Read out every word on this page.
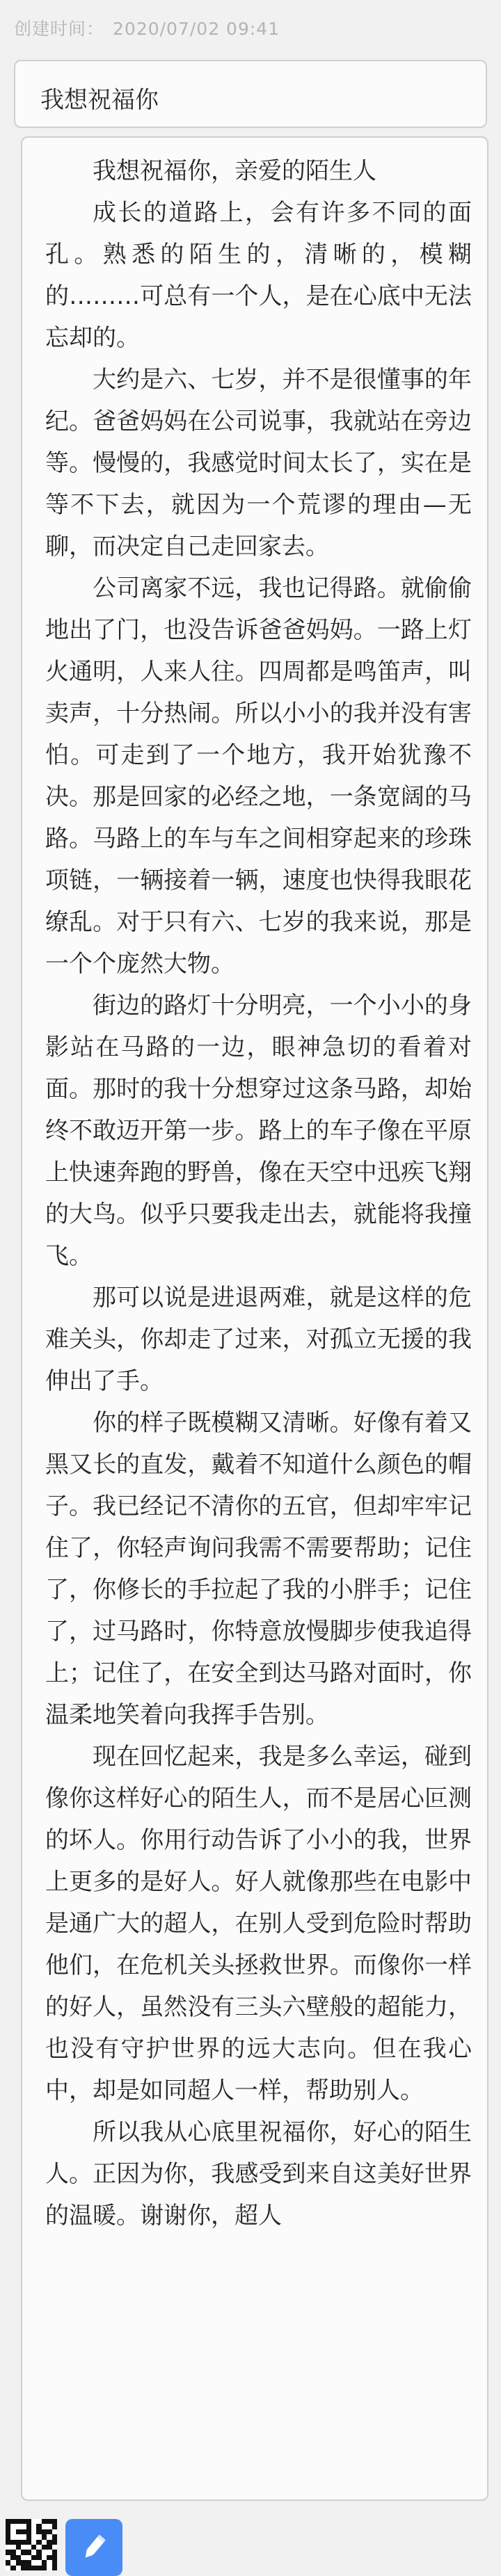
创建时间： 2020/07/02 09:41
我想祝福你

我想祝福你，亲爱的陌生人

成长的道路上，会有许多不同的面孔。熟悉的陌生的，清晰的，模糊的………可总有一个人，是在心底中无法忘却的。

大约是六、七岁，并不是很懂事的年纪。爸爸妈妈在公司说事，我就站在旁边等。慢慢的，我感觉时间太长了，实在是等不下去，就因为一个荒谬的理由—无聊，而决定自己走回家去。

公司离家不远，我也记得路。就偷偷地出了门，也没告诉爸爸妈妈。一路上灯火通明，人来人往。四周都是鸣笛声，叫卖声，十分热闹。所以小小的我并没有害怕。可走到了一个地方，我开始犹豫不决。那是回家的必经之地，一条宽阔的马路。马路上的车与车之间相穿起来的珍珠项链，一辆接着一辆，速度也快得我眼花缭乱。对于只有六、七岁的我来说，那是一个个庞然大物。

街边的路灯十分明亮，一个小小的身影站在马路的一边，眼神急切的看着对面。那时的我十分想穿过这条马路，却始终不敢迈开第一步。路上的车子像在平原上快速奔跑的野兽，像在天空中迅疾飞翔的大鸟。似乎只要我走出去，就能将我撞飞。

那可以说是进退两难，就是这样的危难关头，你却走了过来，对孤立无援的我伸出了手。

你的样子既模糊又清晰。好像有着又黑又长的直发，戴着不知道什么颜色的帽子。我已经记不清你的五官，但却牢牢记住了，你轻声询问我需不需要帮助；记住了，你修长的手拉起了我的小胖手；记住了，过马路时，你特意放慢脚步使我追得上；记住了，在安全到达马路对面时，你温柔地笑着向我挥手告别。

现在回忆起来，我是多么幸运，碰到像你这样好心的陌生人，而不是居心叵测的坏人。你用行动告诉了小小的我，世界上更多的是好人。好人就像那些在电影中是通广大的超人，在别人受到危险时帮助他们，在危机关头拯救世界。而像你一样的好人，虽然没有三头六壁般的超能力，也没有守护世界的远大志向。但在我心中，却是如同超人一样，帮助别人。

所以我从心底里祝福你，好心的陌生人。正因为你，我感受到来自这美好世界的温暖。谢谢你，超人
